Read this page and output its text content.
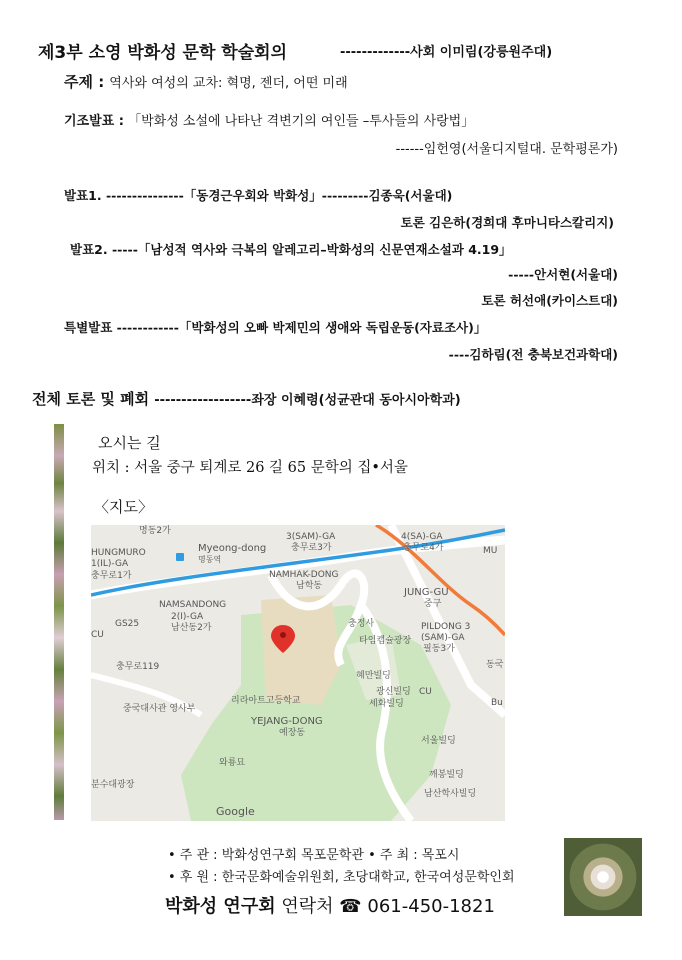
제3부 소영 박화성 문학 학술회의	-------------사회 이미림(강릉원주대)
주제 : 역사와 여성의 교차: 혁명, 젠더, 어떤 미래
기조발표 : 「박화성 소설에 나타난 격변기의 여인들 –투사들의 사랑법」
------임헌영(서울디지털대. 문학평론가)
발표1. ---------------「동경근우회와 박화성」---------김종욱(서울대)
토론 김은하(경희대 후마니타스칼리지)
발표2. -----「남성적 역사와 극복의 알레고리–박화성의 신문연재소설과 4.19」
-----안서현(서울대)
토론 허선애(카이스트대)
특별발표 ------------「박화성의 오빠 박제민의 생애와 독립운동(자료조사)」
----김하림(전 충북보건과학대)
전체 토론 및 폐회 ------------------좌장 이혜령(성균관대 동아시아학과)
오시는 길
위치 : 서울 중구 퇴계로 26 길 65 문학의 집•서울
〈지도〉
명동2가
Myeong-dong
명동역
HUNGMURO
1(IL)-GA
충무로1가
3(SAM)-GA
충무로3가
4(SA)-GA
충무로4가	MU
NAMHAK-DONG
남학동
JUNG-GU
중구
NAMSANDONG
2(I)-GA
남산동2가
GS25	충정사	PILDONG 3
(SAM)-GA
필동3가
CU
타임캡슐광장
동국
충무로119
리라아트고등학교
혜만빌딩
광신빌딩 CU
세화빌딩	Bu
중국대사관 영사부
YEJANG-DONG
예장동
서울빌딩
와룡묘
깨봉빌딩
남산학사빌딩
분수대광장
Google
• 주 관 : 박화성연구회 목포문학관 • 주 최 : 목포시
• 후 원 : 한국문화예술위원회, 초당대학교, 한국여성문학인회
박화성 연구회 연락처 ☎ 061-450-1821
